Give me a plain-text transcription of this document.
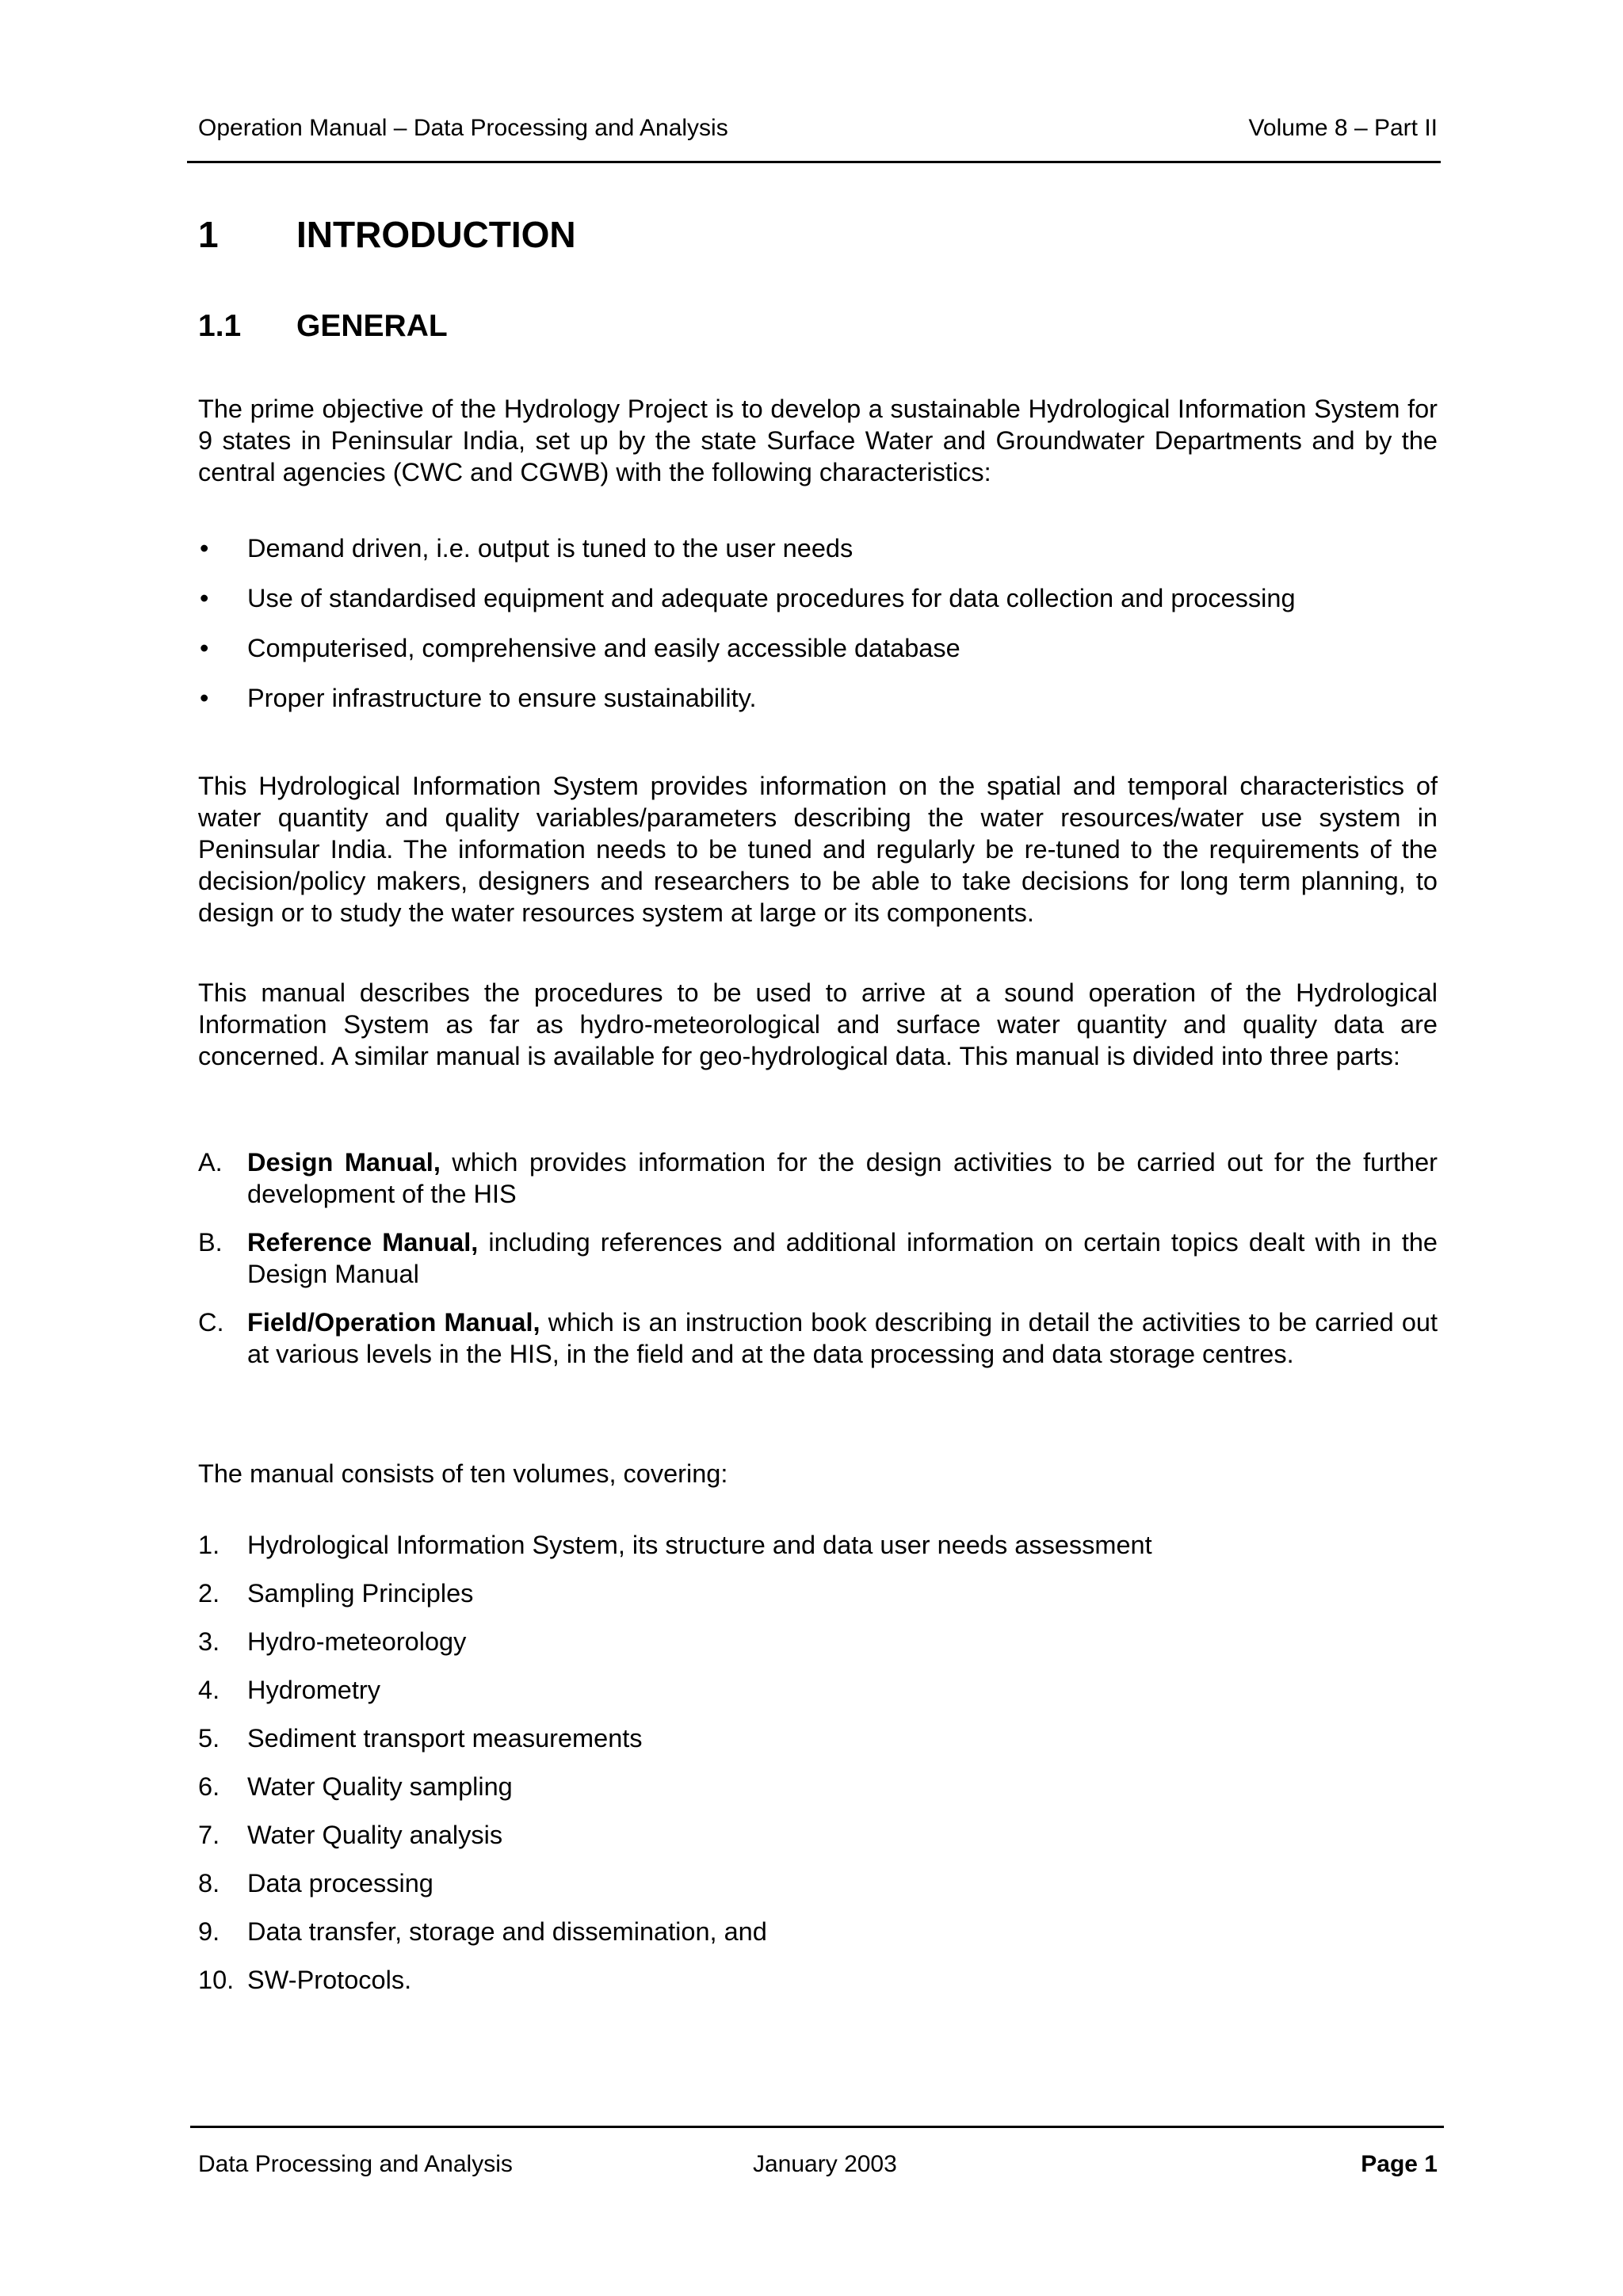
Operation Manual – Data Processing and Analysis	Volume 8 – Part II
1 INTRODUCTION
1.1 GENERAL

The prime objective of the Hydrology Project is to develop a sustainable Hydrological Information System for 9 states in Peninsular India, set up by the state Surface Water and Groundwater Departments and by the central agencies (CWC and CGWB) with the following characteristics:

• Demand driven, i.e. output is tuned to the user needs
• Use of standardised equipment and adequate procedures for data collection and processing
• Computerised, comprehensive and easily accessible database
• Proper infrastructure to ensure sustainability.

This Hydrological Information System provides information on the spatial and temporal characteristics of water quantity and quality variables/parameters describing the water resources/water use system in Peninsular India. The information needs to be tuned and regularly be re-tuned to the requirements of the decision/policy makers, designers and researchers to be able to take decisions for long term planning, to design or to study the water resources system at large or its components.

This manual describes the procedures to be used to arrive at a sound operation of the Hydrological Information System as far as hydro-meteorological and surface water quantity and quality data are concerned. A similar manual is available for geo-hydrological data. This manual is divided into three parts:

A. Design Manual, which provides information for the design activities to be carried out for the further development of the HIS
B. Reference Manual, including references and additional information on certain topics dealt with in the Design Manual
C. Field/Operation Manual, which is an instruction book describing in detail the activities to be carried out at various levels in the HIS, in the field and at the data processing and data storage centres.

The manual consists of ten volumes, covering:

1. Hydrological Information System, its structure and data user needs assessment
2. Sampling Principles
3. Hydro-meteorology
4. Hydrometry
5. Sediment transport measurements
6. Water Quality sampling
7. Water Quality analysis
8. Data processing
9. Data transfer, storage and dissemination, and
10. SW-Protocols.
Data Processing and Analysis	January 2003	Page 1
